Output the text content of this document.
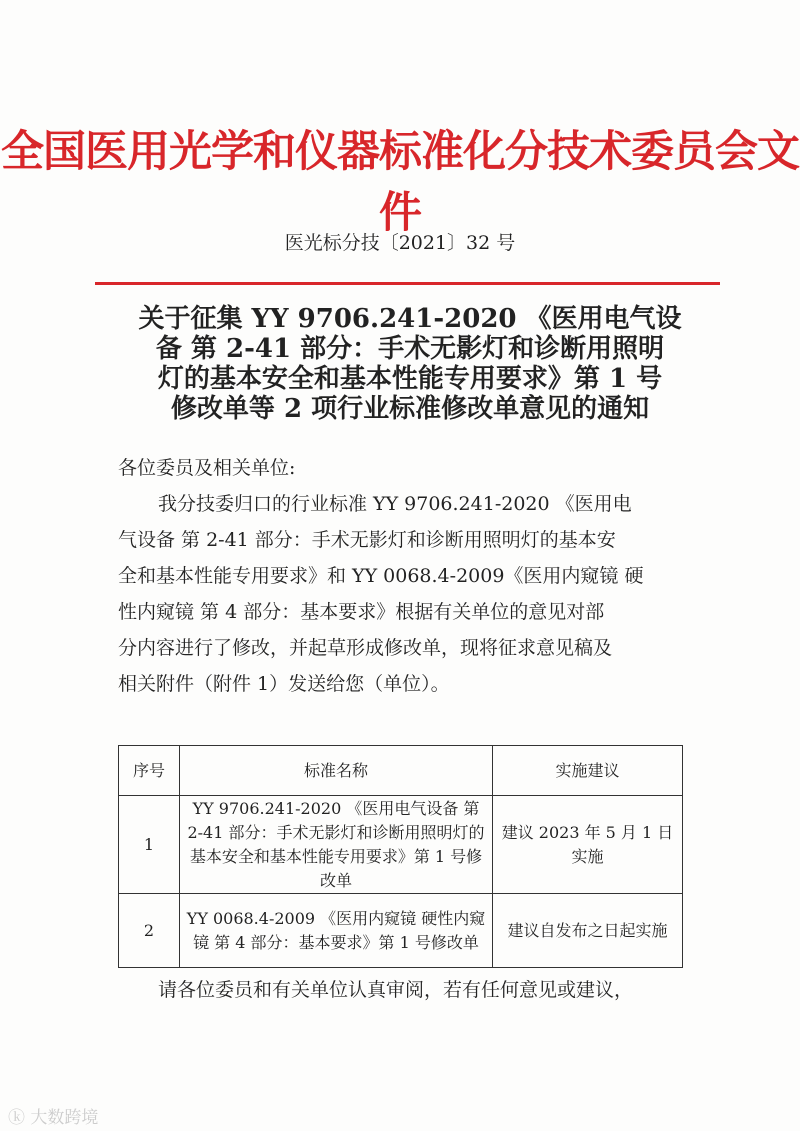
全国医用光学和仪器标准化分技术委员会文件
医光标分技〔2021〕32 号
关于征集 YY 9706.241-2020 《医用电气设
备 第 2-41 部分：手术无影灯和诊断用照明
灯的基本安全和基本性能专用要求》第 1 号
修改单等 2 项行业标准修改单意见的通知
各位委员及相关单位:
我分技委归口的行业标准 YY 9706.241-2020 《医用电
气设备 第 2-41 部分：手术无影灯和诊断用照明灯的基本安
全和基本性能专用要求》和 YY 0068.4-2009《医用内窥镜 硬
性内窥镜 第 4 部分：基本要求》根据有关单位的意见对部
分内容进行了修改，并起草形成修改单，现将征求意见稿及
相关附件（附件 1）发送给您（单位）。
序号	标准名称	实施建议
1	YY 9706.241-2020 《医用电气设备 第 2-41 部分：手术无影灯和诊断用照明灯的基本安全和基本性能专用要求》第 1 号修改单	建议 2023 年 5 月 1 日实施
2	YY 0068.4-2009 《医用内窥镜 硬性内窥镜 第 4 部分：基本要求》第 1 号修改单	建议自发布之日起实施
请各位委员和有关单位认真审阅，若有任何意见或建议，
ⓚ 大数跨境
